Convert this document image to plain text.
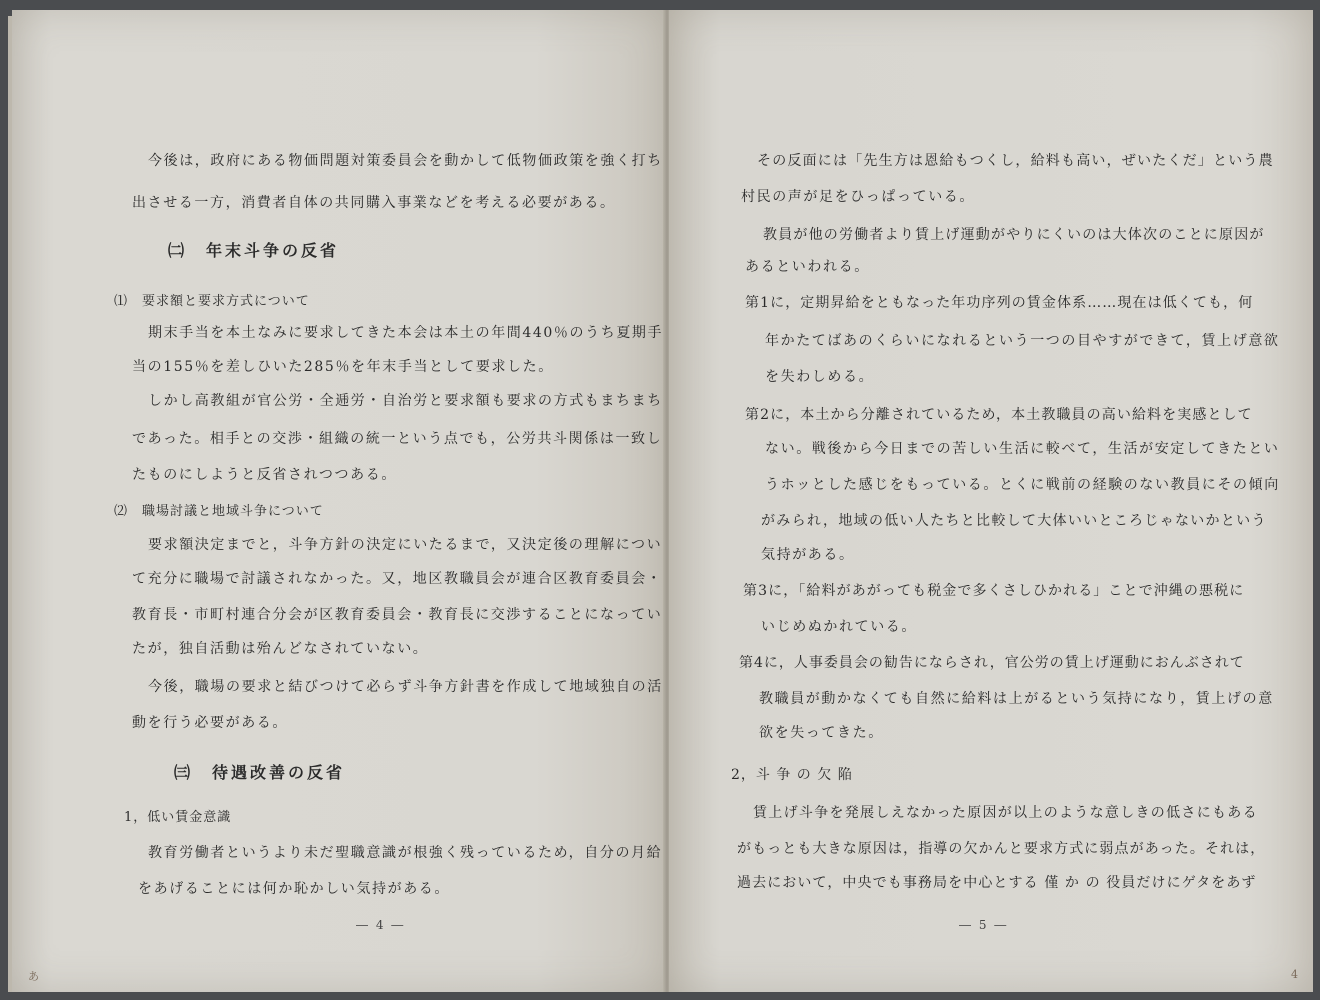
今後は，政府にある物価問題対策委員会を動かして低物価政策を強く打ち
出させる一方，消費者自体の共同購入事業などを考える必要がある。
㈡　年末斗争の反省
⑴　要求額と要求方式について
期末手当を本土なみに要求してきた本会は本土の年間440％のうち夏期手
当の155％を差しひいた285％を年末手当として要求した。
しかし高教組が官公労・全逓労・自治労と要求額も要求の方式もまちまち
であった。相手との交渉・組織の統一という点でも，公労共斗関係は一致し
たものにしようと反省されつつある。
⑵　職場討議と地域斗争について
要求額決定までと，斗争方針の決定にいたるまで，又決定後の理解につい
て充分に職場で討議されなかった。又，地区教職員会が連合区教育委員会・
教育長・市町村連合分会が区教育委員会・教育長に交渉することになってい
たが，独自活動は殆んどなされていない。
今後，職場の要求と結びつけて必らず斗争方針書を作成して地域独自の活
動を行う必要がある。
㈢　待遇改善の反省
1，低い賃金意識
教育労働者というより未だ聖職意識が根強く残っているため，自分の月給
をあげることには何か恥かしい気持がある。
― 4 ―
あ
その反面には「先生方は恩給もつくし，給料も高い，ぜいたくだ」という農
村民の声が足をひっぱっている。
教員が他の労働者より賃上げ運動がやりにくいのは大体次のことに原因が
あるといわれる。
第1に，定期昇給をともなった年功序列の賃金体系……現在は低くても，何
年かたてばあのくらいになれるという一つの目やすができて，賃上げ意欲
を失わしめる。
第2に，本土から分離されているため，本土教職員の高い給料を実感として
ない。戦後から今日までの苦しい生活に較べて，生活が安定してきたとい
うホッとした感じをもっている。とくに戦前の経験のない教員にその傾向
がみられ，地域の低い人たちと比較して大体いいところじゃないかという
気持がある。
第3に，「給料があがっても税金で多くさしひかれる」ことで沖縄の悪税に
いじめぬかれている。
第4に，人事委員会の勧告にならされ，官公労の賃上げ運動におんぶされて
教職員が動かなくても自然に給料は上がるという気持になり，賃上げの意
欲を失ってきた。
2，斗 争 の 欠 陥
賃上げ斗争を発展しえなかった原因が以上のような意しきの低さにもある
がもっとも大きな原因は，指導の欠かんと要求方式に弱点があった。それは，
過去において，中央でも事務局を中心とする 僅 か の 役員だけにゲタをあず
― 5 ―
4
